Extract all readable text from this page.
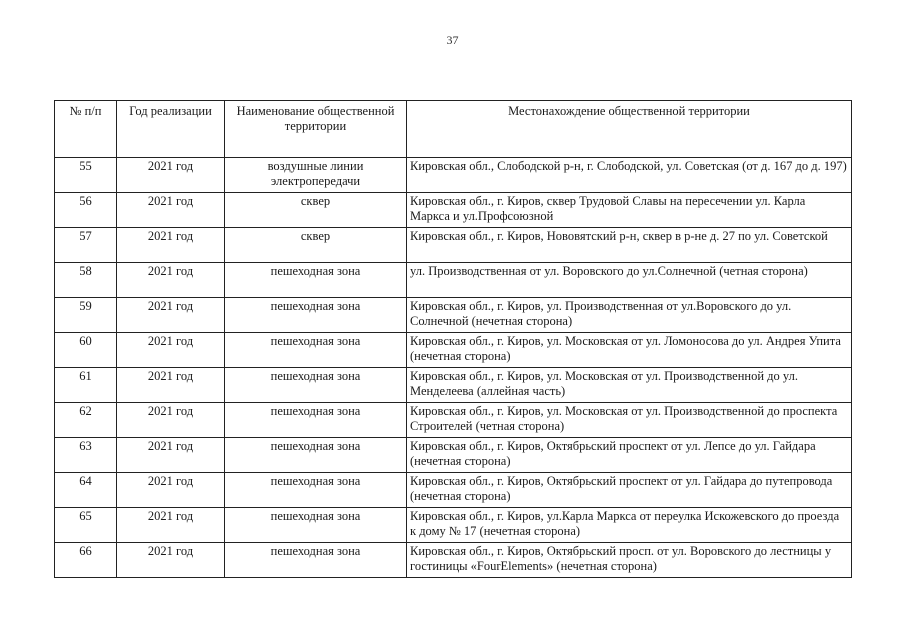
37
№ п/п	Год реализации	Наименование общественной территории	Местонахождение общественной территории
55	2021 год	воздушные линии электропередачи	Кировская обл., Слободской р-н, г. Слободской, ул. Советская (от д. 167 до д. 197)
56	2021 год	сквер	Кировская обл., г. Киров, сквер Трудовой Славы на пересечении ул. Карла Маркса и ул.Профсоюзной
57	2021 год	сквер	Кировская обл., г. Киров, Нововятский р-н, сквер в р-не д. 27 по ул. Советской
58	2021 год	пешеходная зона	ул. Производственная от ул. Воровского до ул.Солнечной (четная сторона)
59	2021 год	пешеходная зона	Кировская обл., г. Киров, ул. Производственная от ул.Воровского до ул. Солнечной (нечетная сторона)
60	2021 год	пешеходная зона	Кировская обл., г. Киров, ул. Московская от ул. Ломоносова до ул. Андрея Упита (нечетная сторона)
61	2021 год	пешеходная зона	Кировская обл., г. Киров, ул. Московская от ул. Производственной до ул. Менделеева (аллейная часть)
62	2021 год	пешеходная зона	Кировская обл., г. Киров, ул. Московская от ул. Производственной до проспекта Строителей (четная сторона)
63	2021 год	пешеходная зона	Кировская обл., г. Киров, Октябрьский проспект от ул. Лепсе до ул. Гайдара (нечетная сторона)
64	2021 год	пешеходная зона	Кировская обл., г. Киров, Октябрьский проспект от ул. Гайдара до путепровода (нечетная сторона)
65	2021 год	пешеходная зона	Кировская обл., г. Киров, ул.Карла Маркса от переулка Искожевского до проезда к дому № 17 (нечетная сторона)
66	2021 год	пешеходная зона	Кировская обл., г. Киров, Октябрьский просп. от ул. Воровского до лестницы у гостиницы «FourElements» (нечетная сторона)
